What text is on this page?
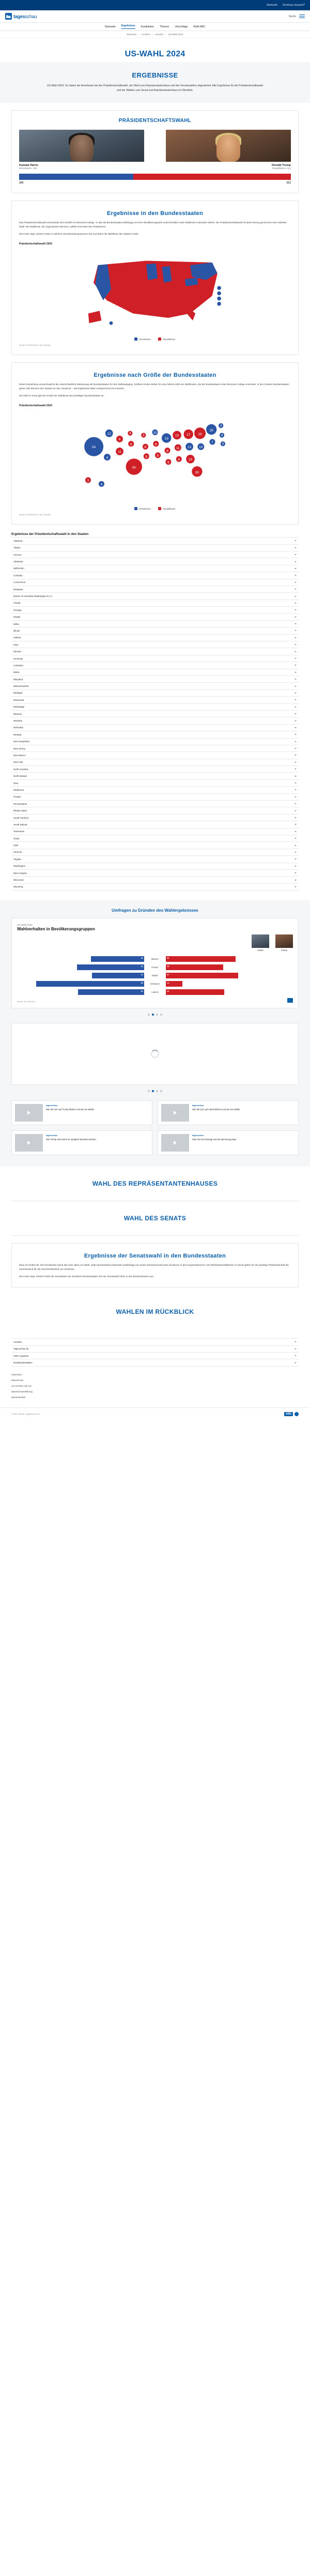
Startseite Sendung verpasst?
tagesschau	Suche
Startseite Ergebnisse Kandidaten Themen Umschläge Wahl-ABC
Startseite › Ausland › Amerika › US-Wahl 2024
US-WAHL 2024
ERGEBNISSE
US-Wahl 2024: So haben die Amerikaner bei der Präsidentschaftswahl, der Wahl zum Repräsentantenhaus und den Senatswahlen abgestimmt. Alle Ergebnisse für die Präsidentschaftswahl und der Wahlen zum Senat und Repräsentantenhaus im Überblick.
PRÄSIDENTSCHAFTSWAHL
Kamala Harris
Demokraten, 226
Donald Trump
Republikaner, 312
226	312
Ergebnisse in den Bundesstaaten

Das Präsidentschaftswahl entscheidet sich letztlich im Electoral College. In das die Bundesstaaten abhängig von ihrer Bevölkerungszahl unterschiedlich viele Wahlleute entsenden dürfen. Die Präsidentschaftswahl ist damit streng genommen eine indirekte Wahl: Die Wahlleute, die sogenannten Electors, wählen ihrerseits den Präsidenten.

Die Karte zeigt, welche Partei in welchem Bundesstaat gewonnen hat und damit die Wahlleute des Staates erhält.

Präsidentschaftswahl 2024
Demokraten	Republikaner
Quelle: AP/Election in den Staaten
Ergebnisse nach Größe der Bundesstaaten

Diese Darstellung veranschaulicht die unterschiedliche Bedeutung der Bundesstaaten für den Wahlausgang. Größere Kreise stehen für eine höhere Zahl von Wahlleuten, die der Bundesstaat in das Electoral College entsendet. In den meisten Bundesstaaten gehen alle Electors des Staates an den Gewinner – die Ergebnisse fallen entsprechend ins Gewicht.

Die Zahl im Kreis gibt die Anzahl der Wahlleute des jeweiligen Bundesstaates an.

Präsidentschaftswahl 2024
54
12
6
6
11
4
6
40
3
6
8
10
6
8
19
8
6
15
11
9
17
13
16
30
19
10
28
7
4
4
3
3
4
Demokraten	Republikaner
Quelle: AP/Election in den Staaten
Ergebnisse der Präsidentschaftswahl in den Staaten
Alabama
Alaska
Arizona
Arkansas
Kalifornien
Colorado
Connecticut
Delaware
District of Columbia (Washington D.C.)
Florida
Georgia
Hawaii
Idaho
Illinois
Indiana
Iowa
Kansas
Kentucky
Louisiana
Maine
Maryland
Massachusetts
Michigan
Minnesota
Mississippi
Missouri
Montana
Nebraska
Nevada
New Hampshire
New Jersey
New Mexico
New York
North Carolina
North Dakota
Ohio
Oklahoma
Oregon
Pennsylvania
Rhode Island
South Carolina
South Dakota
Tennessee
Texas
Utah
Vermont
Virginia
Washington
West Virginia
Wisconsin
Wyoming
Umfragen zu Gründen des Wahlergebnisses
US-Wahl 2024
Wahlverhalten in Bevölkerungsgruppen
Harris	Trump
42	Männer	55
53	Frauen	45
41	Weiße	57
85	Schwarze	13
52	Latinos	46
Quelle: AP VoteCast
tagesschau
Wie die USA auf Trump blicken und wie sie wählte
tagesschau
Wie die USA auf Harris blicken und wie sie wählte
tagesschau
Wie Trump und Harris im Vergleich bewertet werden
tagesschau
Was die USA bewegt und die Stimmung prägt
WAHL DES REPRÄSENTANTENHAUSES
WAHL DES SENATS
Ergebnisse der Senatswahl in den Bundesstaaten

Etwa ein Drittel der 100 Senatssitze stand alle zwei Jahre zur Wahl. Jeder Bundesstaat entsendet unabhängig von seiner Einwohnerzahl zwei Senatoren in die Kongresskammer. Die Mehrheitsverhältnisse im Senat gelten für die jeweilige Präsidentschaft als entscheidend für die Durchsetzbarkeit von Gesetzen.

Die Karte zeigt, welche Partei die Senatssitze der einzelnen Bundesstaaten bei der Senatswahl 2024 in den Bundesstaaten aus.

WAHLEN IM RÜCKBLICK
Ausland
Tagesschau.de
ARD-Angebote
Rundfunkanstalten
Impressum
Datenschutz
So erreichen Sie uns
Datenschutzerklärung
Barrierefreiheit
© ARD-aktuell / tagesschau.de	ARD
